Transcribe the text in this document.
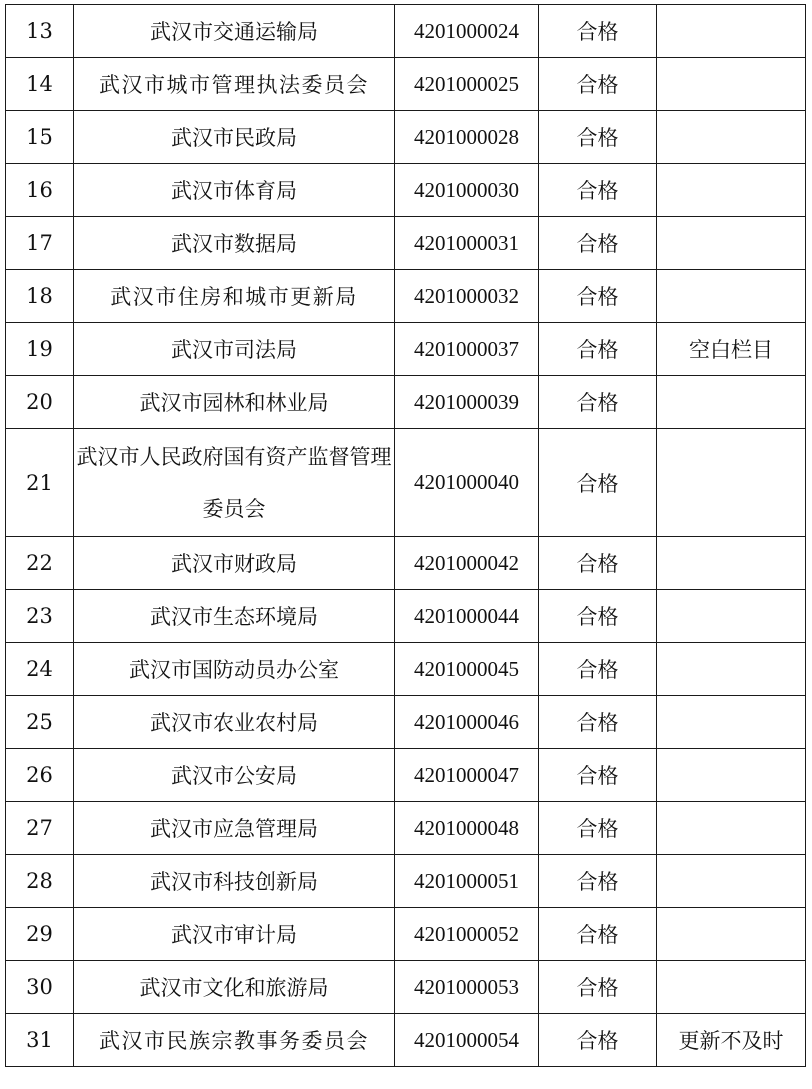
13	武汉市交通运输局	4201000024	合格	
14	武汉市城市管理执法委员会	4201000025	合格	
15	武汉市民政局	4201000028	合格	
16	武汉市体育局	4201000030	合格	
17	武汉市数据局	4201000031	合格	
18	武汉市住房和城市更新局	4201000032	合格	
19	武汉市司法局	4201000037	合格	空白栏目
20	武汉市园林和林业局	4201000039	合格	
21	武汉市人民政府国有资产监督管理委员会	4201000040	合格	
22	武汉市财政局	4201000042	合格	
23	武汉市生态环境局	4201000044	合格	
24	武汉市国防动员办公室	4201000045	合格	
25	武汉市农业农村局	4201000046	合格	
26	武汉市公安局	4201000047	合格	
27	武汉市应急管理局	4201000048	合格	
28	武汉市科技创新局	4201000051	合格	
29	武汉市审计局	4201000052	合格	
30	武汉市文化和旅游局	4201000053	合格	
31	武汉市民族宗教事务委员会	4201000054	合格	更新不及时
